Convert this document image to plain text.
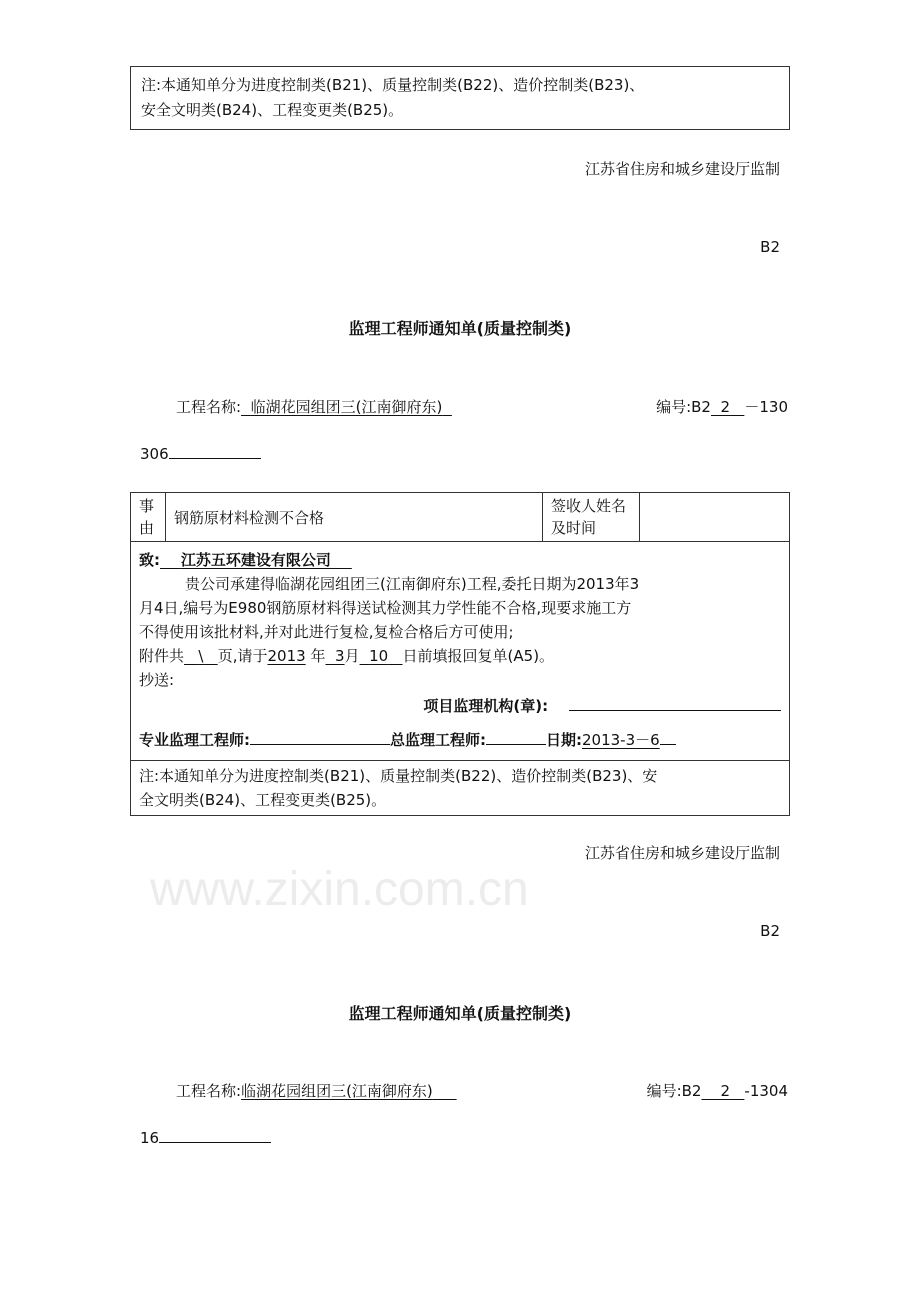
注:本通知单分为进度控制类(B21)、质量控制类(B22)、造价控制类(B23)、
安全文明类(B24)、工程变更类(B25)。
江苏省住房和城乡建设厅监制
B2
监理工程师通知单(质量控制类)
工程名称: 临湖花园组团三(江南御府东)	编号:B2 2 －130
306
事由	钢筋原材料检测不合格	签收人姓名及时间	

致: 江苏五环建设有限公司
贵公司承建得临湖花园组团三(江南御府东)工程,委托日期为2013年3
月4日,编号为E980钢筋原材料得送试检测其力学性能不合格,现要求施工方
不得使用该批材料,并对此进行复检,复检合格后方可使用;
附件共 \ 页,请于2013 年 3月 10 日前填报回复单(A5)。
抄送:
项目监理机构(章):
专业监理工程师:	总监理工程师:	日期:2013-3－6

注:本通知单分为进度控制类(B21)、质量控制类(B22)、造价控制类(B23)、安
全文明类(B24)、工程变更类(B25)。
江苏省住房和城乡建设厅监制
www.zixin.com.cn
B2
监理工程师通知单(质量控制类)
工程名称:临湖花园组团三(江南御府东)	编号:B2 2 -1304
16
